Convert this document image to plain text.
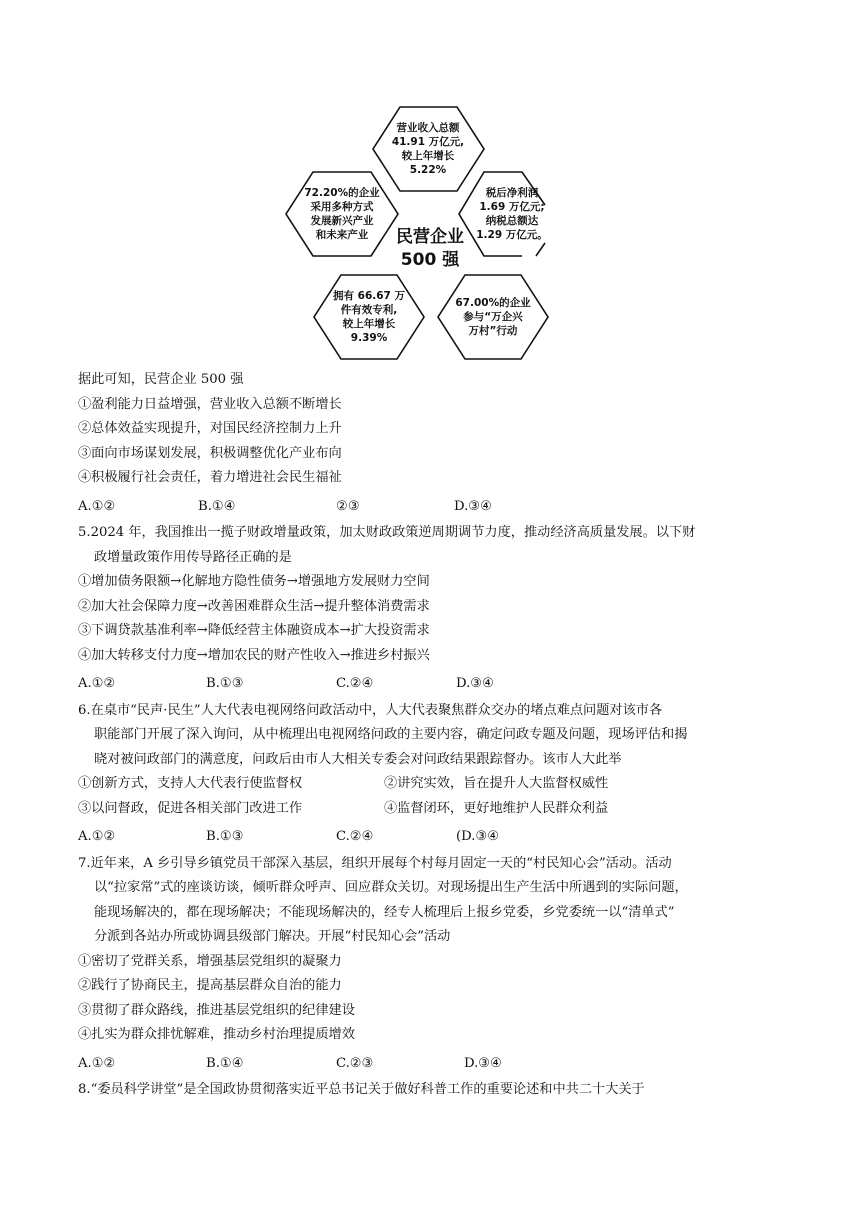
营业收入总额
41.91 万亿元,
较上年增长
5.22%
72.20%的企业
采用多种方式
发展新兴产业
和未来产业
税后净利润
1.69 万亿元;
纳税总额达
1.29 万亿元。
拥有 66.67 万
件有效专利,
较上年增长
9.39%
67.00%的企业
参与“万企兴
万村”行动
民营企业
500 强
据此可知，民营企业 500 强
①盈利能力日益增强，营业收入总额不断增长
②总体效益实现提升，对国民经济控制力上升
③面向市场谋划发展，积极调整优化产业布向
④积极履行社会责任，着力增进社会民生福祉
A.①②	B.①④	②③	D.③④
5.2024 年，我国推出一揽子财政增量政策，加太财政政策逆周期调节力度，推动经济高质量发展。以下财
政增量政策作用传导路径正确的是
①增加债务限额→化解地方隐性债务→增强地方发展财力空间
②加大社会保障力度→改善困难群众生活→提升整体消费需求
③下调贷款基准利率→降低经营主体融资成本→扩大投资需求
④加大转移支付力度→增加农民的财产性收入→推进乡村振兴
A.①②	B.①③	C.②④	D.③④
6.在桌市“民声·民生”人大代表电视网络问政活动中，人大代表聚焦群众交办的堵点难点问题对该市各
职能部门开展了深入询问，从中梳理出电视网络问政的主要内容，确定问政专题及问题，现场评估和揭
晓对被问政部门的满意度，问政后由市人大相关专委会对问政结果跟踪督办。该市人大此举
①创新方式，支持人大代表行使监督权	②讲究实效，旨在提升人大监督权威性
③以问督政，促进各相关部门改进工作	④监督闭环，更好地维护人民群众利益
A.①②	B.①③	C.②④	(D.③④
7.近年来，A 乡引导乡镇党员干部深入基层，组织开展每个村每月固定一天的“村民知心会”活动。活动
以“拉家常”式的座谈访谈，倾听群众呼声、回应群众关切。对现场提出生产生活中所遇到的实际问题，
能现场解决的，都在现场解决；不能现场解决的，经专人梳理后上报乡党委，乡党委统一以“清单式”
分派到各站办所或协调县级部门解决。开展“村民知心会”活动
①密切了党群关系，增强基层党组织的凝聚力
②践行了协商民主，提高基层群众自治的能力
③贯彻了群众路线，推进基层党组织的纪律建设
④扎实为群众排忧解难，推动乡村治理提质增效
A.①②	B.①④	C.②③	D.③④
8.“委员科学讲堂”是全国政协贯彻落实近平总书记关于做好科普工作的重要论述和中共二十大关于
